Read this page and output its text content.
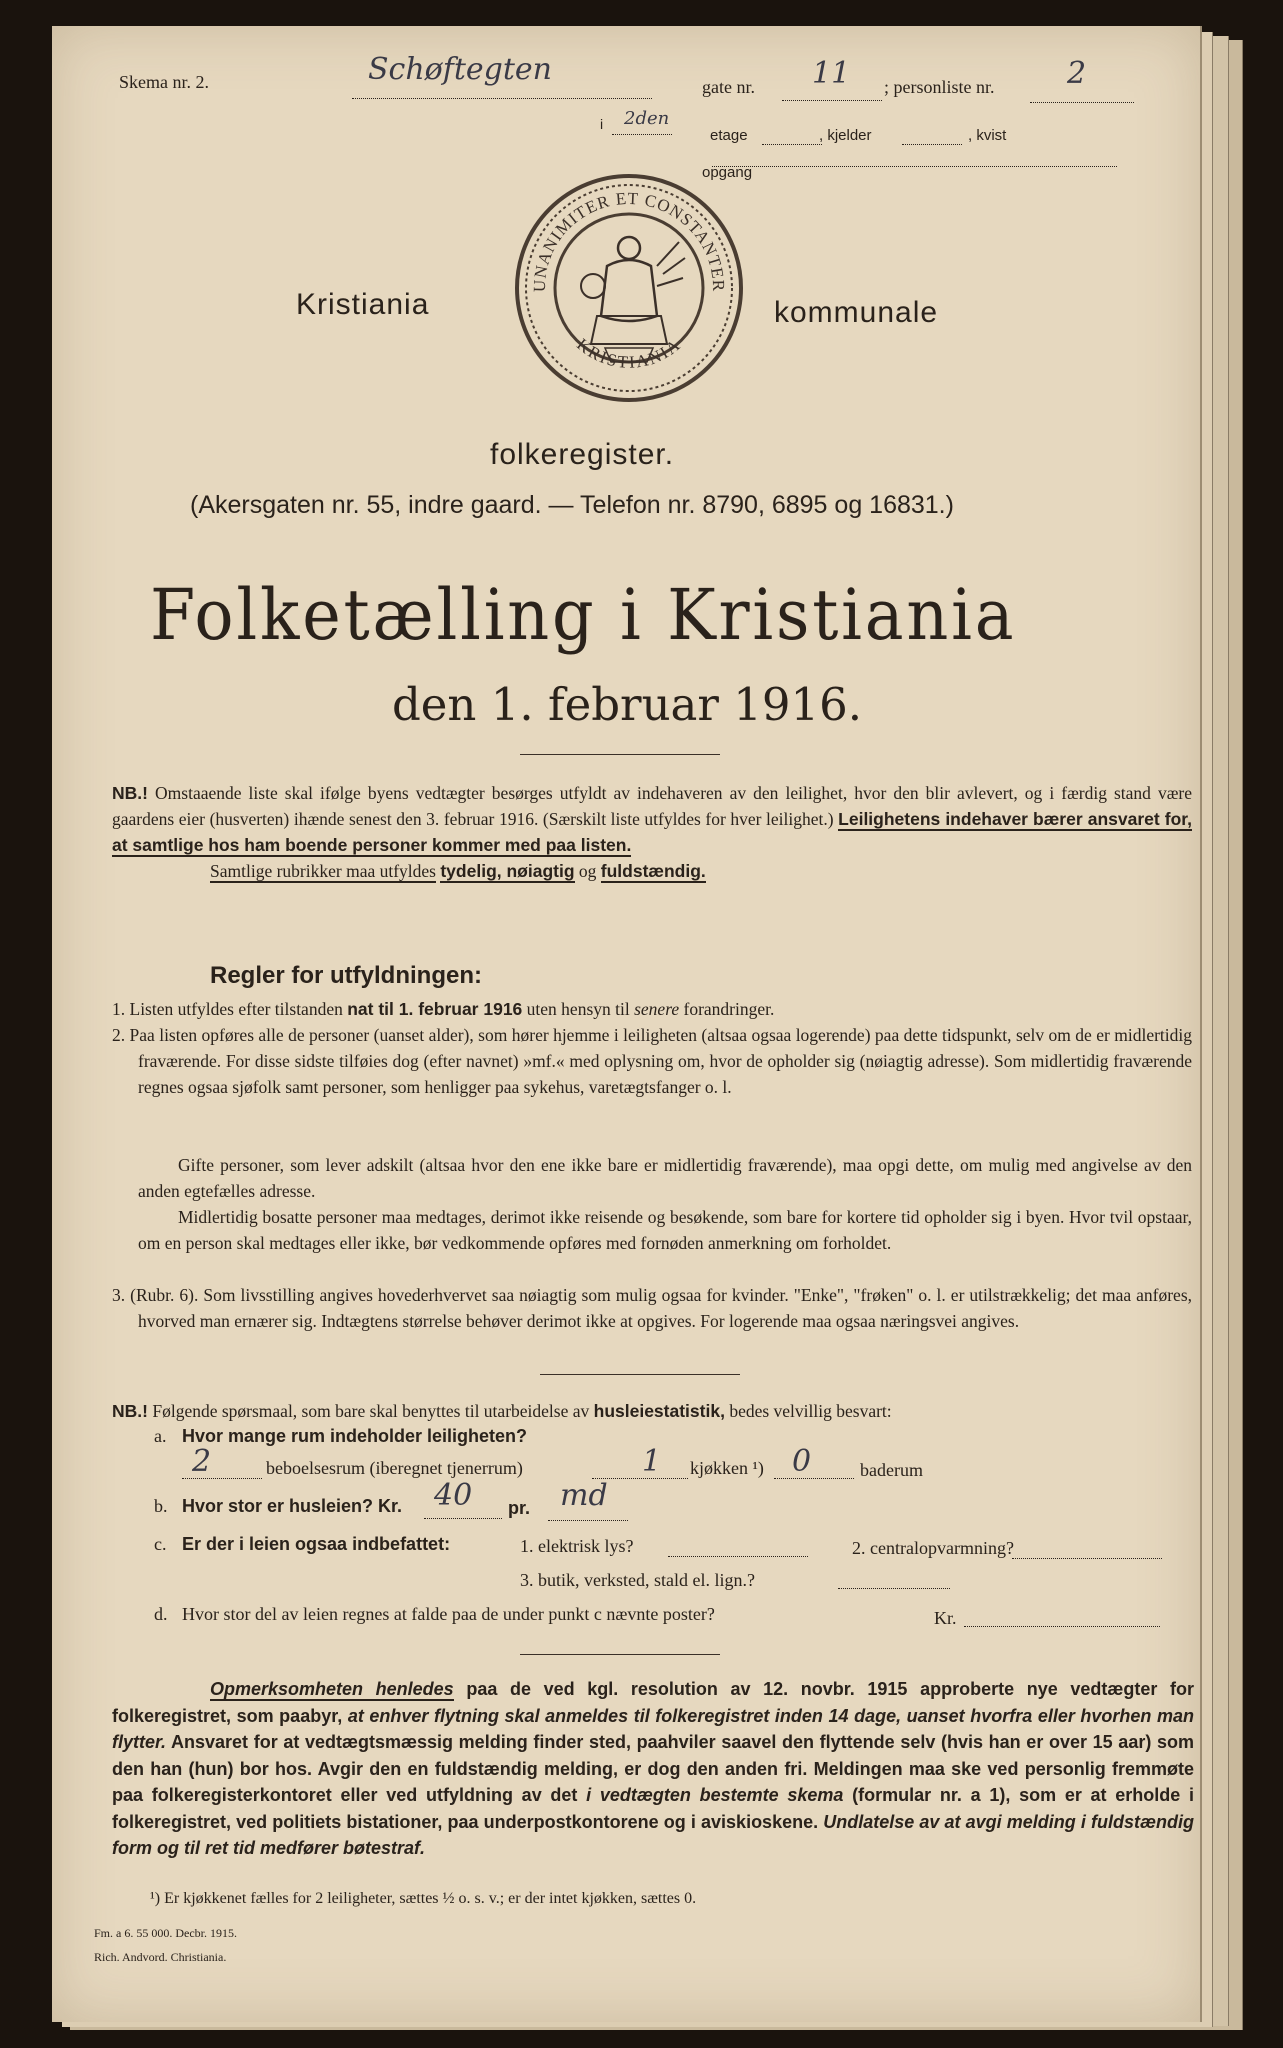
Skema nr. 2.	Schøftegten	gate nr. 11 ; personliste nr. 2
i 2den
etage	, kjelder	, kvist
opgang
UNANIMITER ET CONSTANTER
KRISTIANIA
Kristiania	kommunale
folkeregister.
(Akersgaten nr. 55, indre gaard. — Telefon nr. 8790, 6895 og 16831.)
Folketælling i Kristiania
den 1. februar 1916.
NB.! Omstaaende liste skal ifølge byens vedtægter besørges utfyldt av indehaveren av den leilighet, hvor den blir avlevert, og i færdig stand være gaardens eier (husverten) ihænde senest den 3. februar 1916. (Særskilt liste utfyldes for hver leilighet.) Leilighetens indehaver bærer ansvaret for, at samtlige hos ham boende personer kommer med paa listen.
Samtlige rubrikker maa utfyldes tydelig, nøiagtig og fuldstændig.
Regler for utfyldningen:
1. Listen utfyldes efter tilstanden nat til 1. februar 1916 uten hensyn til senere forandringer.
2. Paa listen opføres alle de personer (uanset alder), som hører hjemme i leiligheten (altsaa ogsaa logerende) paa dette tidspunkt, selv om de er midlertidig fraværende. For disse sidste tilføies dog (efter navnet) »mf.« med oplysning om, hvor de opholder sig (nøiagtig adresse). Som midlertidig fraværende regnes ogsaa sjøfolk samt personer, som henligger paa sykehus, varetægtsfanger o. l.
Gifte personer, som lever adskilt (altsaa hvor den ene ikke bare er midlertidig fraværende), maa opgi dette, om mulig med angivelse av den anden egtefælles adresse.
Midlertidig bosatte personer maa medtages, derimot ikke reisende og besøkende, som bare for kortere tid opholder sig i byen. Hvor tvil opstaar, om en person skal medtages eller ikke, bør vedkommende opføres med fornøden anmerkning om forholdet.
3. (Rubr. 6). Som livsstilling angives hovederhvervet saa nøiagtig som mulig ogsaa for kvinder. "Enke", "frøken" o. l. er utilstrækkelig; det maa anføres, hvorved man ernærer sig. Indtægtens størrelse behøver derimot ikke at opgives. For logerende maa ogsaa næringsvei angives.
NB.! Følgende spørsmaal, som bare skal benyttes til utarbeidelse av husleiestatistik, bedes velvillig besvart:
a. Hvor mange rum indeholder leiligheten?
2	beboelsesrum (iberegnet tjenerrum)	1 kjøkken ¹) 0	baderum
b. Hvor stor er husleien? Kr. 40 pr. md
c. Er der i leien ogsaa indbefattet:	1. elektrisk lys?	2. centralopvarmning?
3. butik, verksted, stald el. lign.?
d. Hvor stor del av leien regnes at falde paa de under punkt c nævnte poster?	Kr.
Opmerksomheten henledes paa de ved kgl. resolution av 12. novbr. 1915 approberte nye vedtægter for folkeregistret, som paabyr, at enhver flytning skal anmeldes til folkeregistret inden 14 dage, uanset hvorfra eller hvorhen man flytter. Ansvaret for at vedtægtsmæssig melding finder sted, paahviler saavel den flyttende selv (hvis han er over 15 aar) som den han (hun) bor hos. Avgir den en fuldstændig melding, er dog den anden fri. Meldingen maa ske ved personlig fremmøte paa folkeregisterkontoret eller ved utfyldning av det i vedtægten bestemte skema (formular nr. a 1), som er at erholde i folkeregistret, ved politiets bistationer, paa underpostkontorene og i aviskioskene. Undlatelse av at avgi melding i fuldstændig form og til ret tid medfører bøtestraf.
¹) Er kjøkkenet fælles for 2 leiligheter, sættes ½ o. s. v.; er der intet kjøkken, sættes 0.
Fm. a 6. 55 000. Decbr. 1915.
Rich. Andvord. Christiania.
